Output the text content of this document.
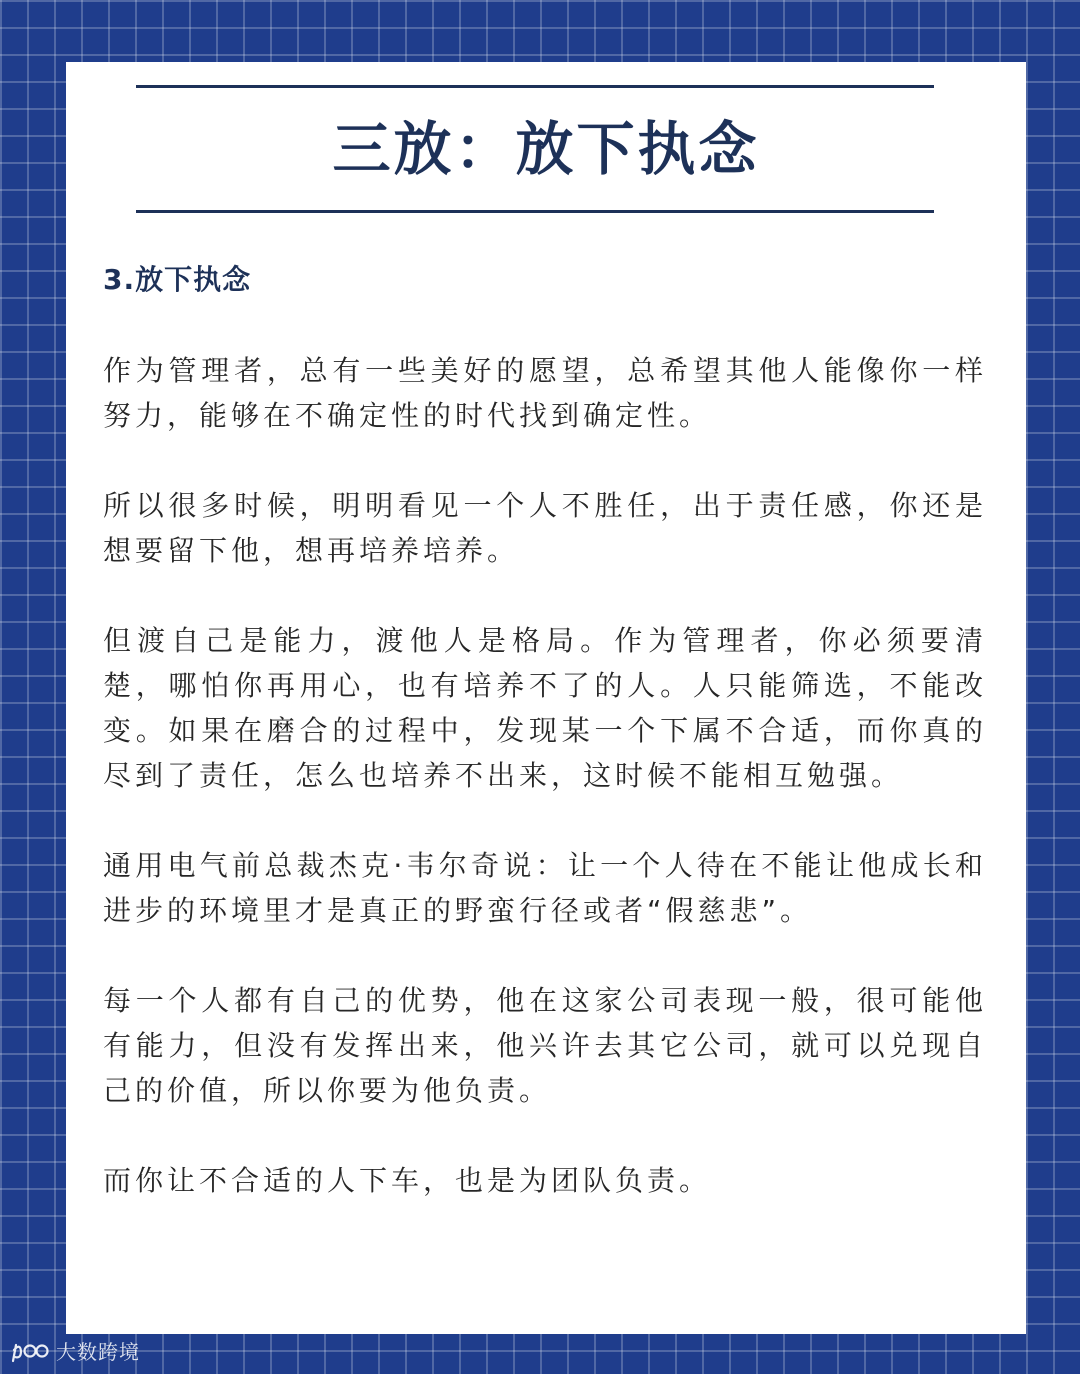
三放：放下执念
3.放下执念

作为管理者，总有一些美好的愿望，总希望其他人能像你一样努力，能够在不确定性的时代找到确定性。

所以很多时候，明明看见一个人不胜任，出于责任感，你还是想要留下他，想再培养培养。

但渡自己是能力，渡他人是格局。作为管理者，你必须要清楚，哪怕你再用心，也有培养不了的人。人只能筛选，不能改变。如果在磨合的过程中，发现某一个下属不合适，而你真的尽到了责任，怎么也培养不出来，这时候不能相互勉强。

通用电气前总裁杰克·韦尔奇说：让一个人待在不能让他成长和进步的环境里才是真正的野蛮行径或者“假慈悲”。

每一个人都有自己的优势，他在这家公司表现一般，很可能他有能力，但没有发挥出来，他兴许去其它公司，就可以兑现自己的价值，所以你要为他负责。

而你让不合适的人下车，也是为团队负责。

大数跨境
